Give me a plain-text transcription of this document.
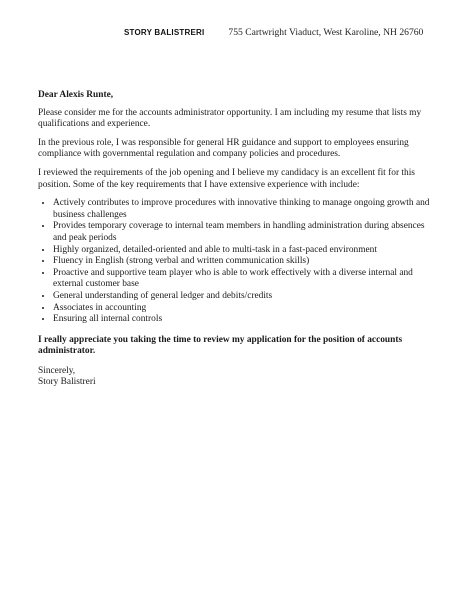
STORY BALISTRERI	755 Cartwright Viaduct, West Karoline, NH 26760

Dear Alexis Runte,

Please consider me for the accounts administrator opportunity. I am including my resume that lists my qualifications and experience.

In the previous role, I was responsible for general HR guidance and support to employees ensuring compliance with governmental regulation and company policies and procedures.

I reviewed the requirements of the job opening and I believe my candidacy is an excellent fit for this position. Some of the key requirements that I have extensive experience with include:

• Actively contributes to improve procedures with innovative thinking to manage ongoing growth and business challenges
• Provides temporary coverage to internal team members in handling administration during absences and peak periods
• Highly organized, detailed-oriented and able to multi-task in a fast-paced environment
• Fluency in English (strong verbal and written communication skills)
• Proactive and supportive team player who is able to work effectively with a diverse internal and external customer base
• General understanding of general ledger and debits/credits
• Associates in accounting
• Ensuring all internal controls

I really appreciate you taking the time to review my application for the position of accounts administrator.

Sincerely,

Story Balistreri
